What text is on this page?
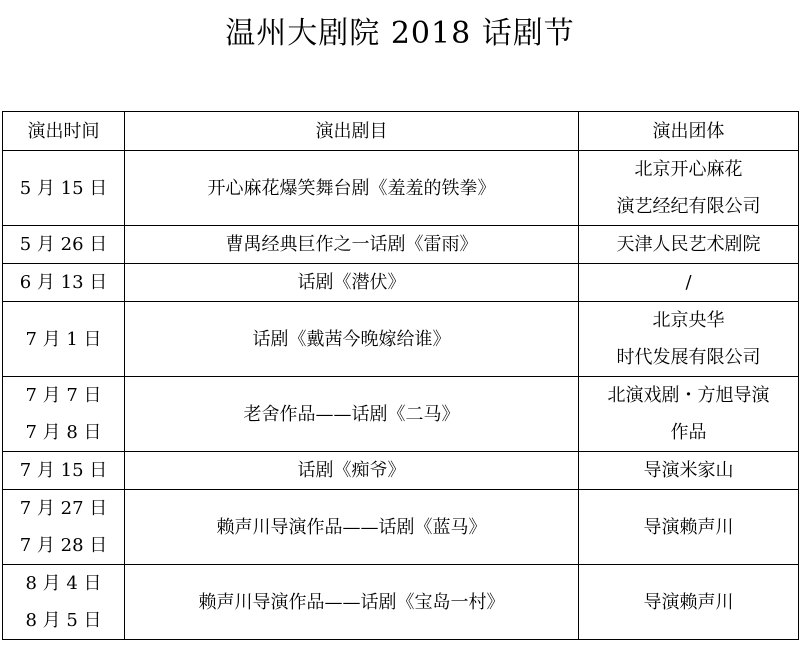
温州大剧院 2018 话剧节
演出时间	演出剧目	演出团体

5 月 15 日	开心麻花爆笑舞台剧《羞羞的铁拳》	北京开心麻花
演艺经纪有限公司

5 月 26 日	曹禺经典巨作之一话剧《雷雨》	天津人民艺术剧院

6 月 13 日	话剧《潜伏》	/

7 月 1 日	话剧《戴茜今晚嫁给谁》	北京央华
时代发展有限公司

7 月 7 日
7 月 8 日	老舍作品——话剧《二马》	北演戏剧・方旭导演
作品

7 月 15 日	话剧《痴爷》	导演米家山

7 月 27 日
7 月 28 日	赖声川导演作品——话剧《蓝马》	导演赖声川

8 月 4 日
8 月 5 日	赖声川导演作品——话剧《宝岛一村》	导演赖声川
